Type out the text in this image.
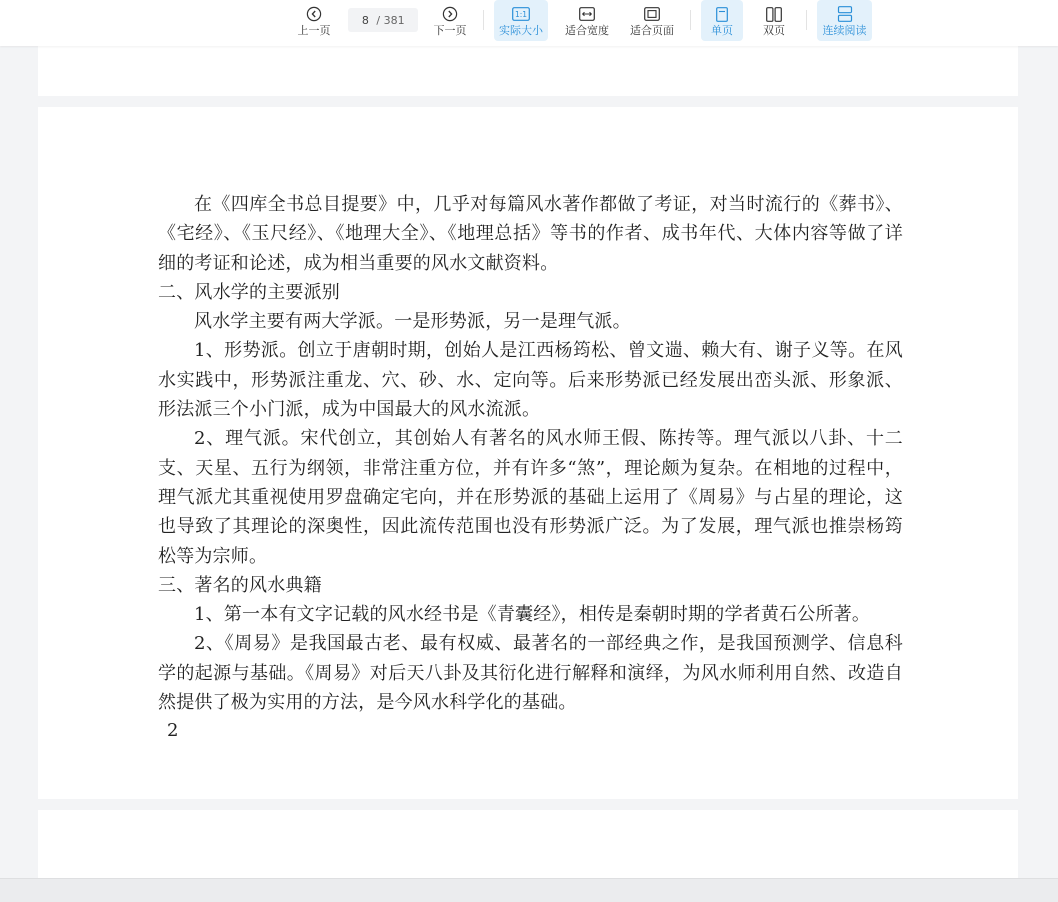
上一页
8 / 381
下一页
1:1
实际大小 适合宽度 适合页面	单页	双页	连续阅读

在《四库全书总目提要》中，几乎对每篇风水著作都做了考证，对当时流行的《葬书》、《宅经》、《玉尺经》、《地理大全》、《地理总括》等书的作者、成书年代、大体内容等做了详细的考证和论述，成为相当重要的风水文献资料。

二、风水学的主要派别

风水学主要有两大学派。一是形势派，另一是理气派。

1、形势派。创立于唐朝时期，创始人是江西杨筠松、曾文遄、赖大有、谢子义等。在风水实践中，形势派注重龙、穴、砂、水、定向等。后来形势派已经发展出峦头派、形象派、形法派三个小门派，成为中国最大的风水流派。

2、理气派。宋代创立，其创始人有著名的风水师王假、陈抟等。理气派以八卦、十二支、天星、五行为纲领，非常注重方位，并有许多“煞”，理论颇为复杂。在相地的过程中，理气派尤其重视使用罗盘确定宅向，并在形势派的基础上运用了《周易》与占星的理论，这也导致了其理论的深奥性，因此流传范围也没有形势派广泛。为了发展，理气派也推崇杨筠松等为宗师。

三、著名的风水典籍

1、第一本有文字记载的风水经书是《青囊经》，相传是秦朝时期的学者黄石公所著。

2、《周易》是我国最古老、最有权威、最著名的一部经典之作，是我国预测学、信息科学的起源与基础。《周易》对后天八卦及其衍化进行解释和演绎，为风水师利用自然、改造自然提供了极为实用的方法，是今风水科学化的基础。

2
